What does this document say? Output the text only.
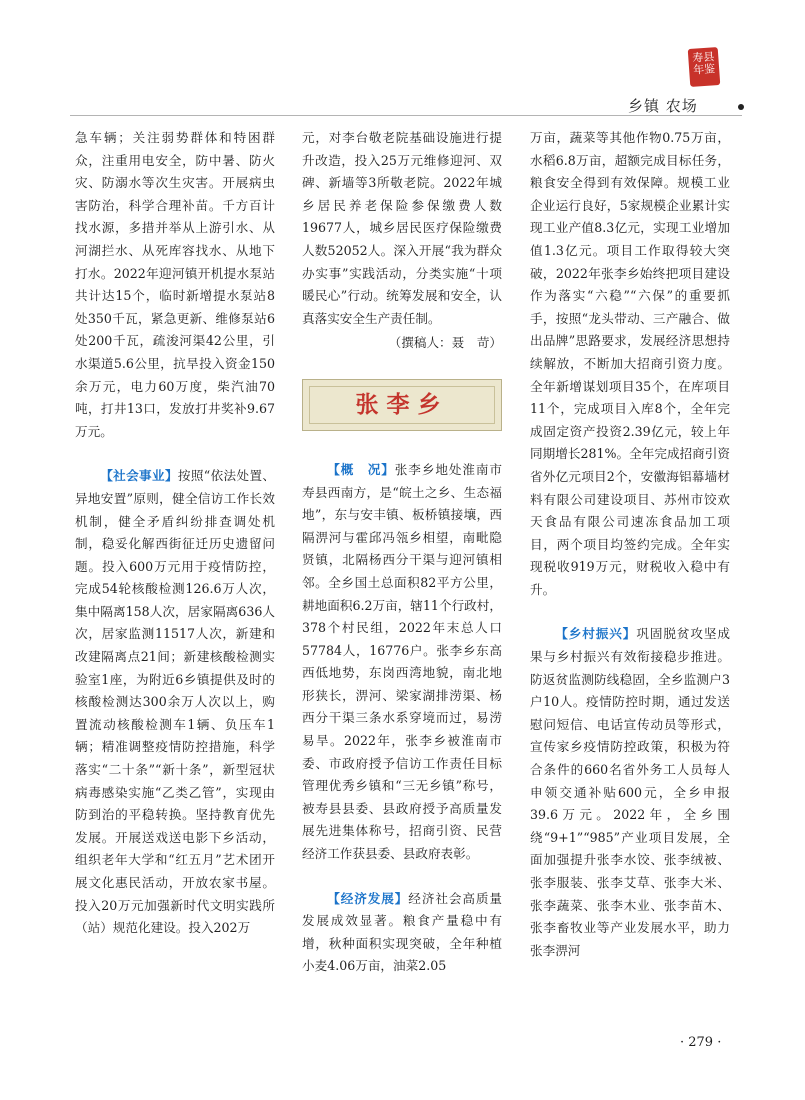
寿县
年鉴
乡镇 农场

急车辆；关注弱势群体和特困群众，注重用电安全，防中暑、防火灾、防溺水等次生灾害。开展病虫害防治，科学合理补苗。千方百计找水源，多措并举从上游引水、从河湖拦水、从死库容找水、从地下打水。2022年迎河镇开机提水泵站共计达15个，临时新增提水泵站8处350千瓦，紧急更新、维修泵站6处200千瓦，疏浚河渠42公里，引水渠道5.6公里，抗旱投入资金150余万元，电力60万度，柴汽油70吨，打井13口，发放打井奖补9.67万元。

【社会事业】按照“依法处置、异地安置”原则，健全信访工作长效机制，健全矛盾纠纷排查调处机制，稳妥化解西街征迁历史遗留问题。投入600万元用于疫情防控，完成54轮核酸检测126.6万人次，集中隔离158人次，居家隔离636人次，居家监测11517人次，新建和改建隔离点21间；新建核酸检测实验室1座，为附近6乡镇提供及时的核酸检测达300余万人次以上，购置流动核酸检测车1辆、负压车1辆；精准调整疫情防控措施，科学落实“二十条”“新十条”，新型冠状病毒感染实施“乙类乙管”，实现由防到治的平稳转换。坚持教育优先发展。开展送戏送电影下乡活动，组织老年大学和“红五月”艺术团开展文化惠民活动，开放农家书屋。投入20万元加强新时代文明实践所（站）规范化建设。投入202万

元，对李台敬老院基础设施进行提升改造，投入25万元维修迎河、双碑、新墙等3所敬老院。2022年城乡居民养老保险参保缴费人数19677人，城乡居民医疗保险缴费人数52052人。深入开展“我为群众办实事”实践活动，分类实施“十项暖民心”行动。统筹发展和安全，认真落实安全生产责任制。

（撰稿人：聂　苛）
张李乡

【概　况】张李乡地处淮南市寿县西南方，是“皖土之乡、生态福地”，东与安丰镇、板桥镇接壤，西隔淠河与霍邱冯瓴乡相望，南毗隐贤镇，北隔杨西分干渠与迎河镇相邻。全乡国土总面积82平方公里，耕地面积6.2万亩，辖11个行政村，378个村民组，2022年末总人口57784人，16776户。张李乡东高西低地势，东岗西湾地貌，南北地形狭长，淠河、梁家湖排涝渠、杨西分干渠三条水系穿境而过，易涝易旱。2022年，张李乡被淮南市委、市政府授予信访工作责任目标管理优秀乡镇和“三无乡镇”称号，被寿县县委、县政府授予高质量发展先进集体称号，招商引资、民营经济工作获县委、县政府表彰。

【经济发展】经济社会高质量发展成效显著。粮食产量稳中有增，秋种面积实现突破，全年种植小麦4.06万亩，油菜2.05

万亩，蔬菜等其他作物0.75万亩，水稻6.8万亩，超额完成目标任务，粮食安全得到有效保障。规模工业企业运行良好，5家规模企业累计实现工业产值8.3亿元，实现工业增加值1.3亿元。项目工作取得较大突破，2022年张李乡始终把项目建设作为落实“六稳”“六保”的重要抓手，按照“龙头带动、三产融合、做出品牌”思路要求，发展经济思想持续解放，不断加大招商引资力度。全年新增谋划项目35个，在库项目11个，完成项目入库8个，全年完成固定资产投资2.39亿元，较上年同期增长281%。全年完成招商引资省外亿元项目2个，安徽海铝幕墙材料有限公司建设项目、苏州市饺欢天食品有限公司速冻食品加工项目，两个项目均签约完成。全年实现税收919万元，财税收入稳中有升。

【乡村振兴】巩固脱贫攻坚成果与乡村振兴有效衔接稳步推进。防返贫监测防线稳固，全乡监测户3户10人。疫情防控时期，通过发送慰问短信、电话宣传动员等形式，宣传家乡疫情防控政策，积极为符合条件的660名省外务工人员每人申领交通补贴600元，全乡申报39.6万元。2022年，全乡围绕“9+1”“985”产业项目发展，全面加强提升张李水饺、张李绒被、张李服装、张李艾草、张李大米、张李蔬菜、张李木业、张李苗木、张李畜牧业等产业发展水平，助力张李淠河

· 279 ·
